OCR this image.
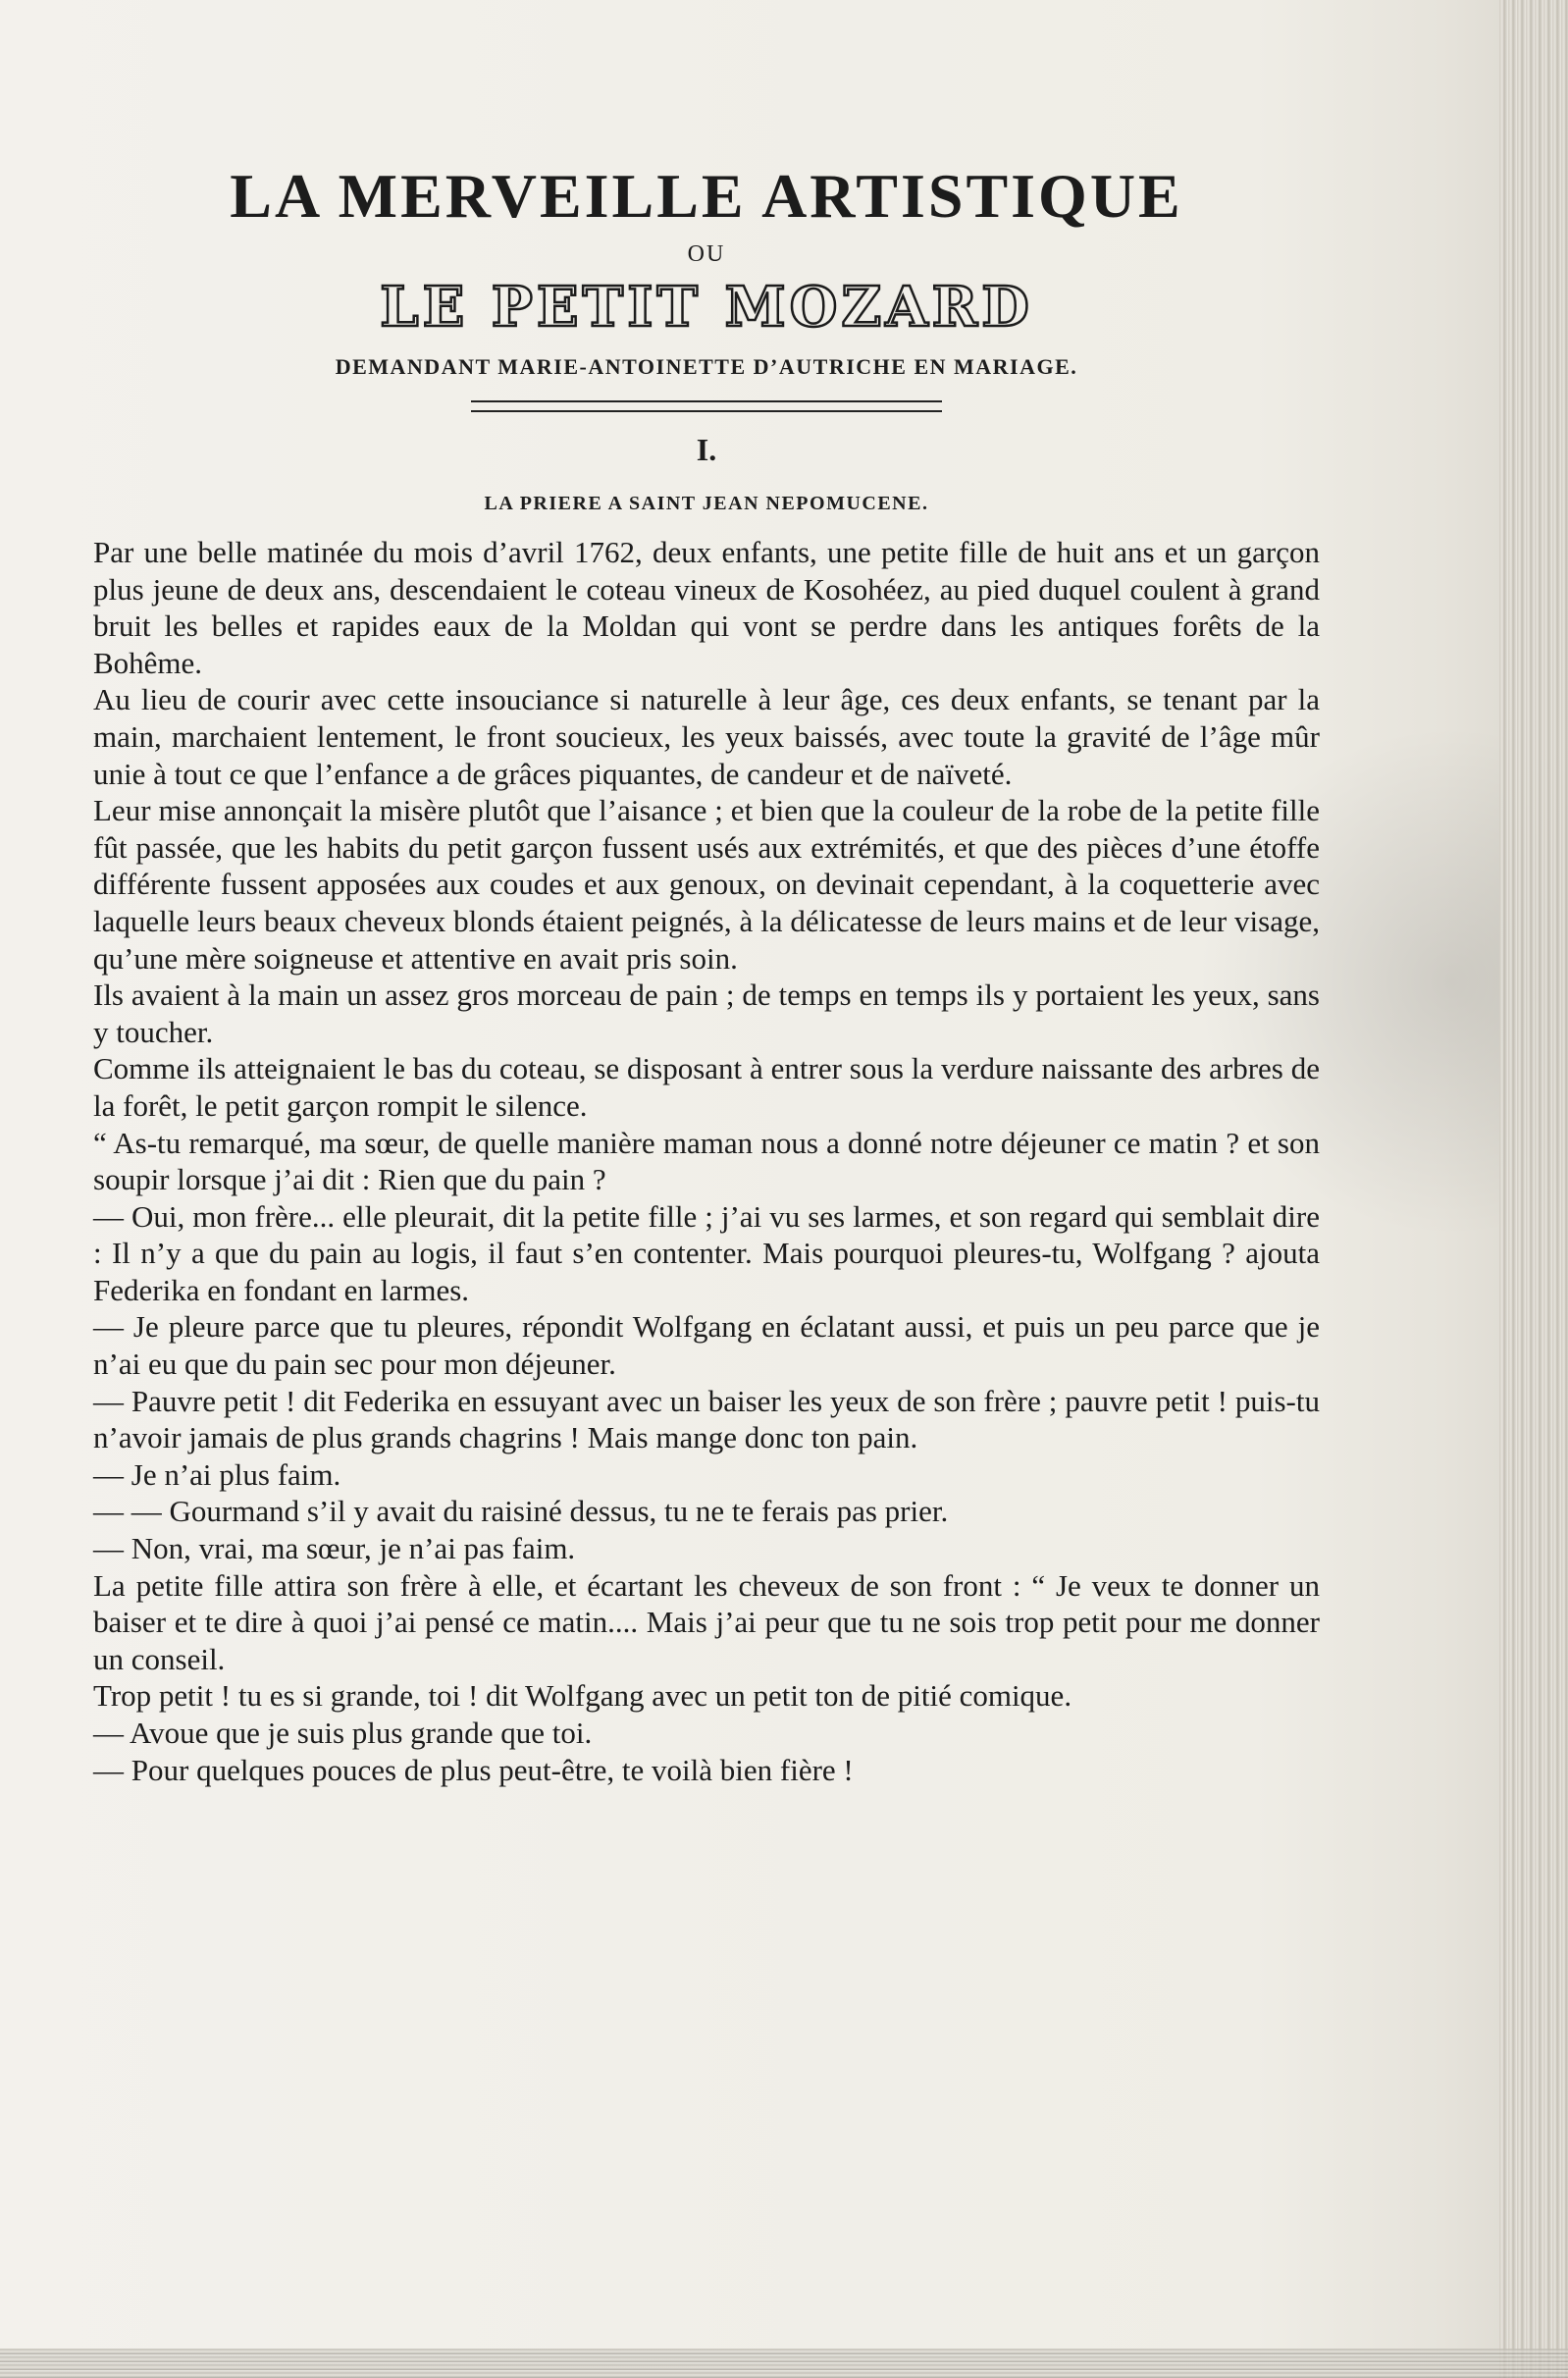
LA MERVEILLE ARTISTIQUE
OU
LE PETIT MOZARD
DEMANDANT MARIE-ANTOINETTE D’AUTRICHE EN MARIAGE.
I.
LA PRIERE A SAINT JEAN NEPOMUCENE.

Par une belle matinée du mois d’avril 1762, deux enfants, une petite fille de huit ans et un garçon plus jeune de deux ans, descendaient le coteau vineux de Kosohéez, au pied duquel coulent à grand bruit les belles et rapides eaux de la Moldan qui vont se perdre dans les antiques forêts de la Bohême.

Au lieu de courir avec cette insouciance si naturelle à leur âge, ces deux enfants, se tenant par la main, marchaient lentement, le front soucieux, les yeux baissés, avec toute la gravité de l’âge mûr unie à tout ce que l’enfance a de grâces piquantes, de candeur et de naïveté.

Leur mise annonçait la misère plutôt que l’aisance ; et bien que la couleur de la robe de la petite fille fût passée, que les habits du petit garçon fussent usés aux extrémités, et que des pièces d’une étoffe différente fussent apposées aux coudes et aux genoux, on devinait cependant, à la coquetterie avec laquelle leurs beaux cheveux blonds étaient peignés, à la délicatesse de leurs mains et de leur visage, qu’une mère soigneuse et attentive en avait pris soin.

Ils avaient à la main un assez gros morceau de pain ; de temps en temps ils y portaient les yeux, sans y toucher.

Comme ils atteignaient le bas du coteau, se disposant à entrer sous la verdure naissante des arbres de la forêt, le petit garçon rompit le silence.

“ As-tu remarqué, ma sœur, de quelle manière maman nous a donné notre déjeuner ce matin ? et son soupir lorsque j’ai dit : Rien que du pain ?

— Oui, mon frère... elle pleurait, dit la petite fille ; j’ai vu ses larmes, et son regard qui semblait dire : Il n’y a que du pain au logis, il faut s’en contenter. Mais pourquoi pleures-tu, Wolfgang ? ajouta Federika en fondant en larmes.

— Je pleure parce que tu pleures, répondit Wolfgang en éclatant aussi, et puis un peu parce que je n’ai eu que du pain sec pour mon déjeuner.

— Pauvre petit ! dit Federika en essuyant avec un baiser les yeux de son frère ; pauvre petit ! puis-tu n’avoir jamais de plus grands chagrins ! Mais mange donc ton pain.

— Je n’ai plus faim.

— — Gourmand s’il y avait du raisiné dessus, tu ne te ferais pas prier.

— Non, vrai, ma sœur, je n’ai pas faim.

La petite fille attira son frère à elle, et écartant les cheveux de son front : “ Je veux te donner un baiser et te dire à quoi j’ai pensé ce matin.... Mais j’ai peur que tu ne sois trop petit pour me donner un conseil.

Trop petit ! tu es si grande, toi ! dit Wolfgang avec un petit ton de pitié comique.

— Avoue que je suis plus grande que toi.

— Pour quelques pouces de plus peut-être, te voilà bien fière !
